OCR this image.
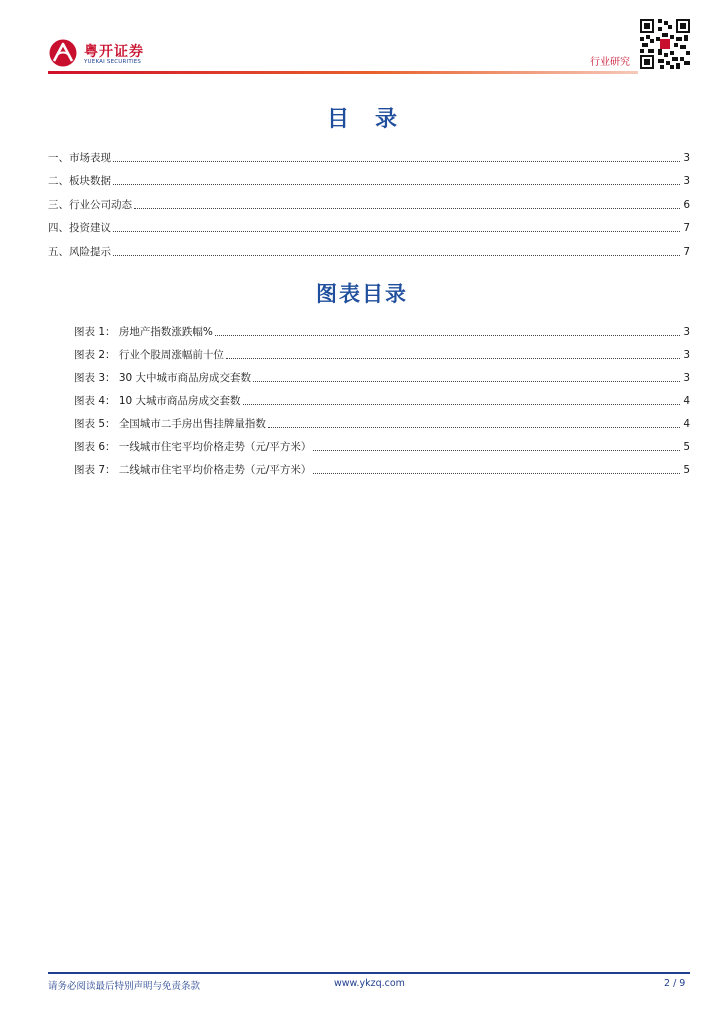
粤开证券
YUEKAI SECURITIES	行业研究
目录
一、市场表现	3
二、板块数据	3
三、行业公司动态	6
四、投资建议	7
五、风险提示	7
图表目录
图表 1： 房地产指数涨跌幅%	3
图表 2： 行业个股周涨幅前十位	3
图表 3： 30 大中城市商品房成交套数	3
图表 4： 10 大城市商品房成交套数	4
图表 5： 全国城市二手房出售挂牌量指数	4
图表 6： 一线城市住宅平均价格走势（元/平方米）	5
图表 7： 二线城市住宅平均价格走势（元/平方米）	5
请务必阅读最后特别声明与免责条款	www.ykzq.com	2 / 9
